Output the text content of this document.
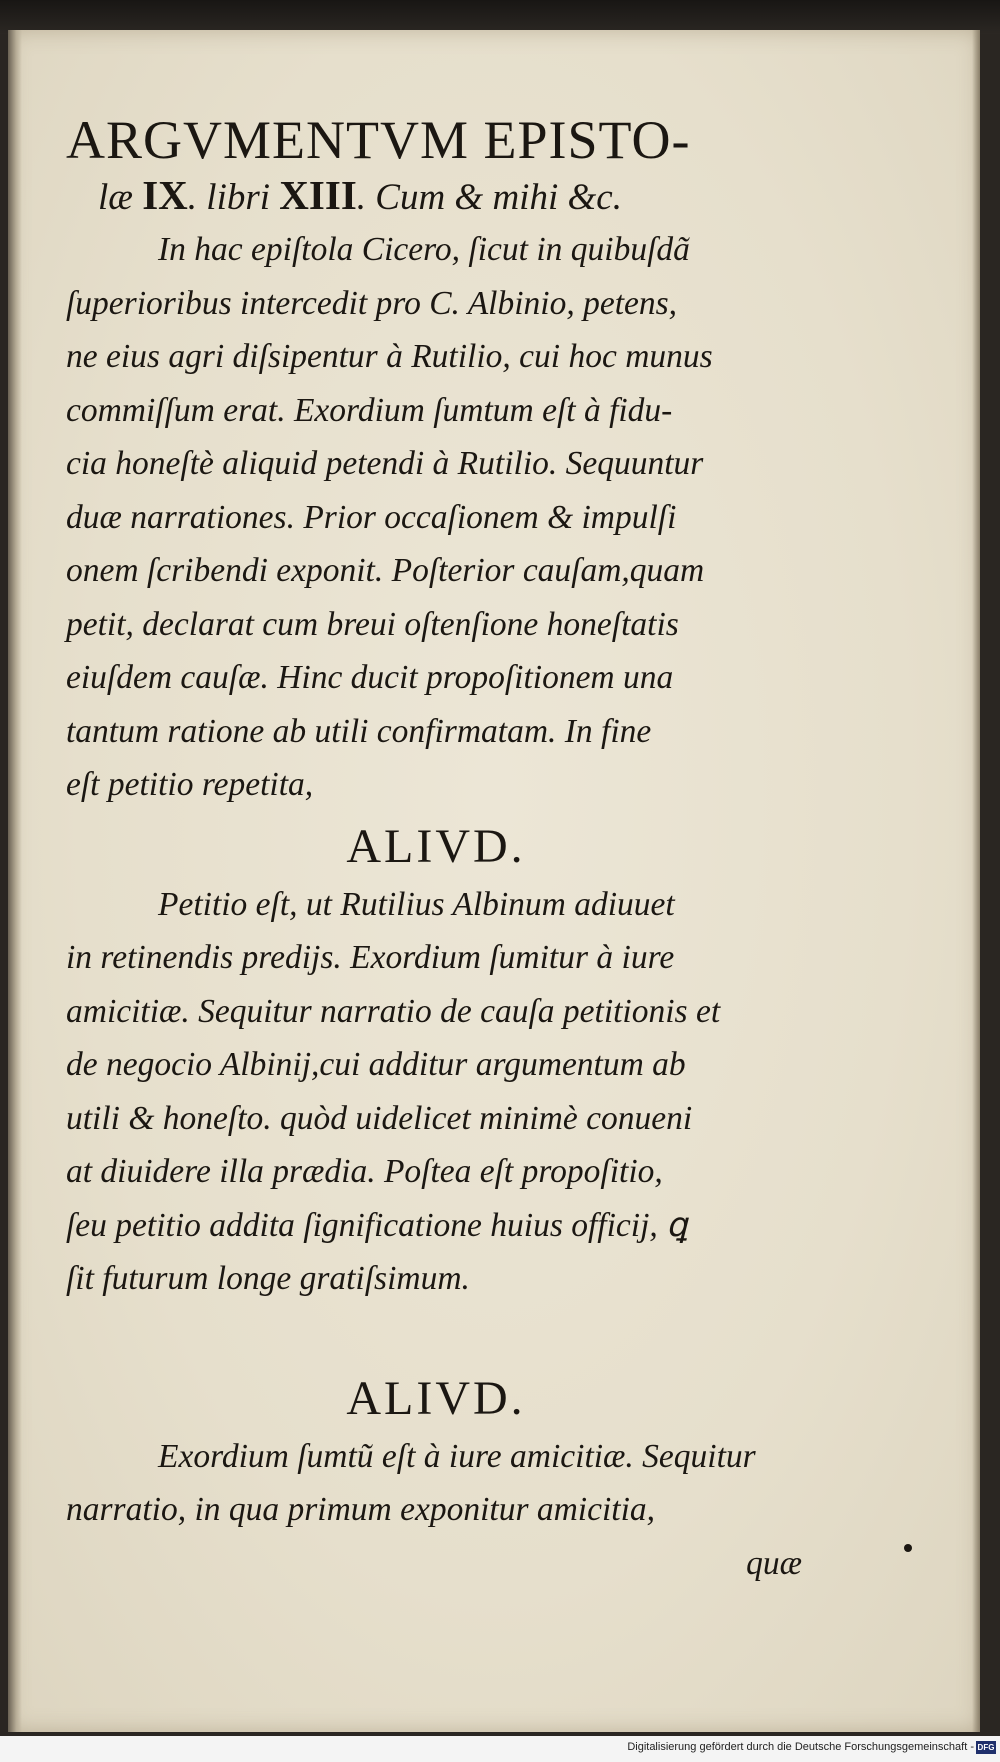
ARGVMENTVM EPISTO-

læ IX. libri XIII. Cum & mihi &c.

In hac epiſtola Cicero, ſicut in quibuſdã
ſuperioribus intercedit pro C. Albinio, petens,
ne eius agri diſsipentur à Rutilio, cui hoc munus
commiſſum erat. Exordium ſumtum eſt à fidu-
cia honeſtè aliquid petendi à Rutilio. Sequuntur
duæ narrationes. Prior occaſionem & impulſi
onem ſcribendi exponit. Poſterior cauſam,quam
petit, declarat cum breui oſtenſione honeſtatis
eiuſdem cauſæ. Hinc ducit propoſitionem una
tantum ratione ab utili confirmatam. In fine
eſt petitio repetita,

ALIVD.

Petitio eſt, ut Rutilius Albinum adiuuet
in retinendis predijs. Exordium ſumitur à iure
amicitiæ. Sequitur narratio de cauſa petitionis et
de negocio Albinij,cui additur argumentum ab
utili & honeſto. quòd uidelicet minimè conueni
at diuidere illa prædia. Poſtea eſt propoſitio,
ſeu petitio addita ſignificatione huius officij, ꝗ
ſit futurum longe gratiſsimum.

ALIVD.

Exordium ſumtũ eſt à iure amicitiæ. Sequitur
narratio, in qua primum exponitur amicitia,
quæ
Digitalisierung gefördert durch die Deutsche Forschungsgemeinschaft - DFG
